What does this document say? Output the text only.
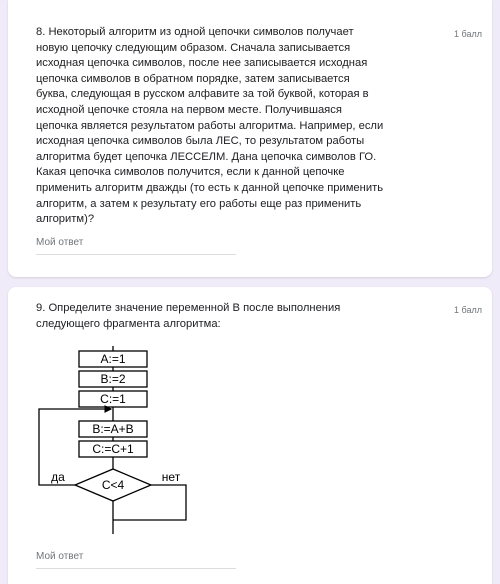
8. Некоторый алгоритм из одной цепочки символов получает новую цепочку следующим образом. Сначала записывается исходная цепочка символов, после нее записывается исходная цепочка символов в обратном порядке, затем записывается буква, следующая в русском алфавите за той буквой, которая в исходной цепочке стояла на первом месте. Получившаяся цепочка является результатом работы алгоритма. Например, если исходная цепочка символов была ЛЕС, то результатом работы алгоритма будет цепочка ЛЕССЕЛМ. Дана цепочка символов ГО. Какая цепочка символов получится, если к данной цепочке применить алгоритм дважды (то есть к данной цепочке применить алгоритм, а затем к результату его работы еще раз применить алгоритм)?
1 балл
Мой ответ
9. Определите значение переменной B после выполнения следующего фрагмента алгоритма:
1 балл
A:=1
B:=2
C:=1
B:=A+B
C:=C+1
C<4
да	нет
Мой ответ
